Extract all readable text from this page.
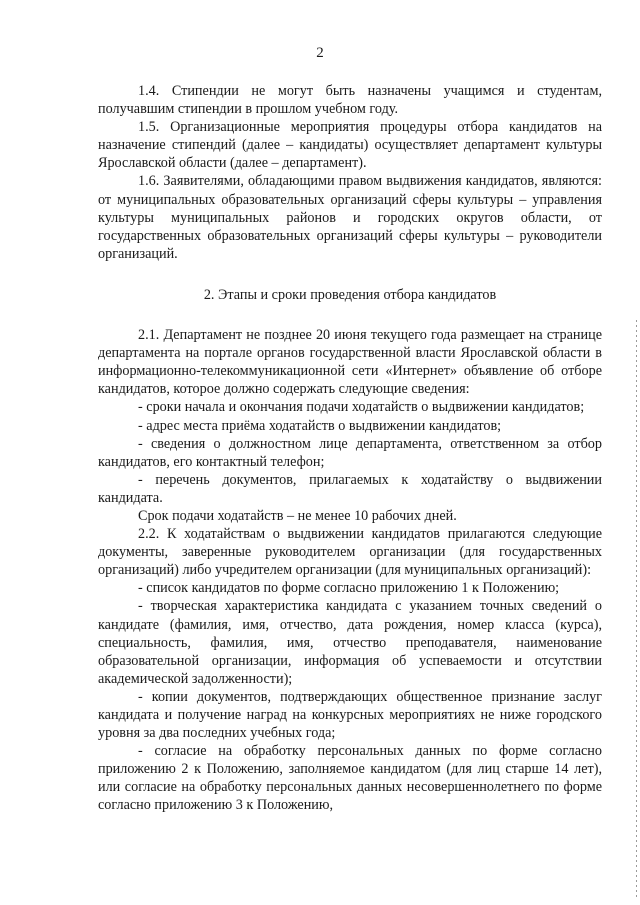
2

1.4. Стипендии не могут быть назначены учащимся и студентам, получавшим стипендии в прошлом учебном году.

1.5. Организационные мероприятия процедуры отбора кандидатов на назначение стипендий (далее – кандидаты) осуществляет департамент культуры Ярославской области (далее – департамент).

1.6. Заявителями, обладающими правом выдвижения кандидатов, являются: от муниципальных образовательных организаций сферы культуры – управления культуры муниципальных районов и городских округов области, от государственных образовательных организаций сферы культуры – руководители организаций.

2. Этапы и сроки проведения отбора кандидатов

2.1. Департамент не позднее 20 июня текущего года размещает на странице департамента на портале органов государственной власти Ярославской области в информационно-телекоммуникационной сети «Интернет» объявление об отборе кандидатов, которое должно содержать следующие сведения:

- сроки начала и окончания подачи ходатайств о выдвижении кандидатов;

- адрес места приёма ходатайств о выдвижении кандидатов;

- сведения о должностном лице департамента, ответственном за отбор кандидатов, его контактный телефон;

- перечень документов, прилагаемых к ходатайству о выдвижении кандидата.

Срок подачи ходатайств – не менее 10 рабочих дней.

2.2. К ходатайствам о выдвижении кандидатов прилагаются следующие документы, заверенные руководителем организации (для государственных организаций) либо учредителем организации (для муниципальных организаций):

- список кандидатов по форме согласно приложению 1 к Положению;

- творческая характеристика кандидата с указанием точных сведений о кандидате (фамилия, имя, отчество, дата рождения, номер класса (курса), специальность, фамилия, имя, отчество преподавателя, наименование образовательной организации, информация об успеваемости и отсутствии академической задолженности);

- копии документов, подтверждающих общественное признание заслуг кандидата и получение наград на конкурсных мероприятиях не ниже городского уровня за два последних учебных года;

- согласие на обработку персональных данных по форме согласно приложению 2 к Положению, заполняемое кандидатом (для лиц старше 14 лет), или согласие на обработку персональных данных несовершеннолетнего по форме согласно приложению 3 к Положению,
